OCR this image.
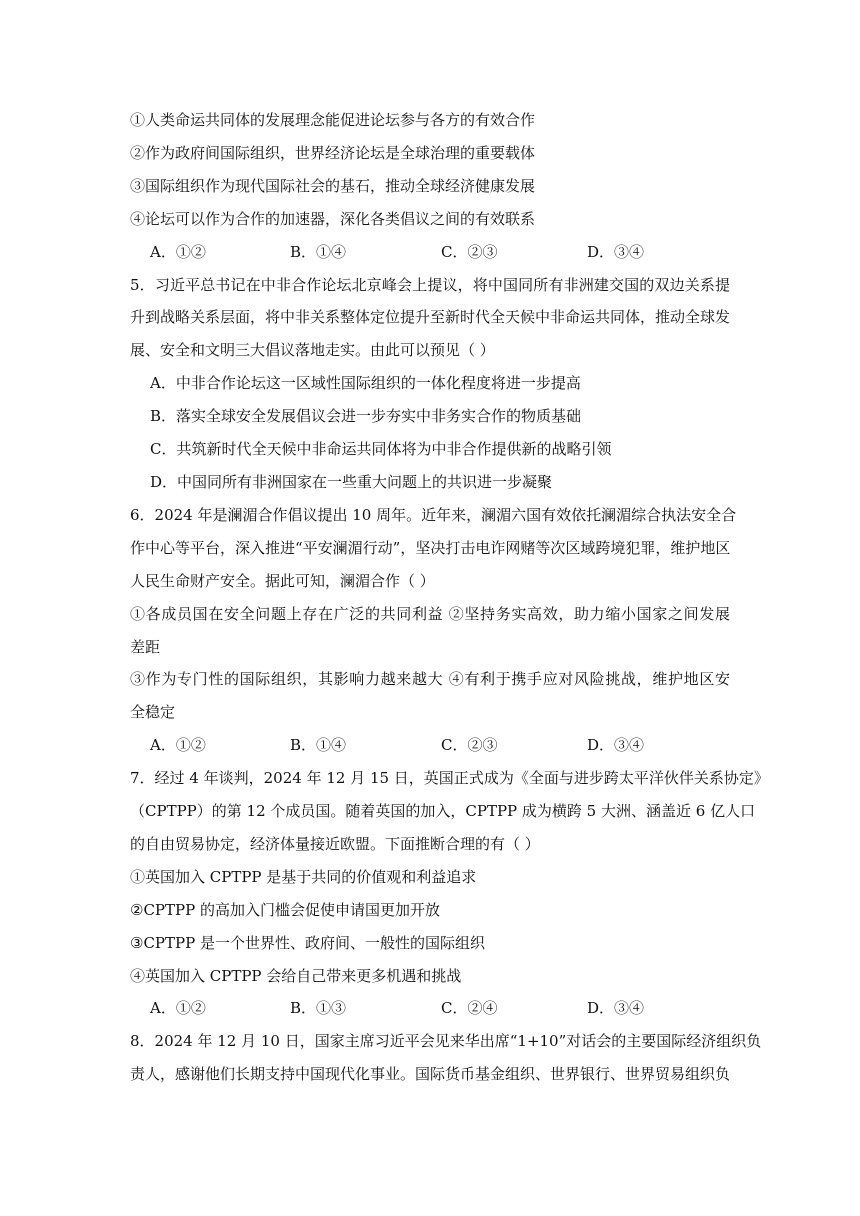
①人类命运共同体的发展理念能促进论坛参与各方的有效合作
②作为政府间国际组织，世界经济论坛是全球治理的重要载体
③国际组织作为现代国际社会的基石，推动全球经济健康发展
④论坛可以作为合作的加速器，深化各类倡议之间的有效联系
A．①②	B．①④	C．②③	D．③④
5．习近平总书记在中非合作论坛北京峰会上提议，将中国同所有非洲建交国的双边关系提
升到战略关系层面，将中非关系整体定位提升至新时代全天候中非命运共同体，推动全球发
展、安全和文明三大倡议落地走实。由此可以预见（ ）
A．中非合作论坛这一区域性国际组织的一体化程度将进一步提高
B．落实全球安全发展倡议会进一步夯实中非务实合作的物质基础
C．共筑新时代全天候中非命运共同体将为中非合作提供新的战略引领
D．中国同所有非洲国家在一些重大问题上的共识进一步凝聚
6．2024 年是澜湄合作倡议提出 10 周年。近年来，澜湄六国有效依托澜湄综合执法安全合
作中心等平台，深入推进“平安澜湄行动”，坚决打击电诈网赌等次区域跨境犯罪，维护地区
人民生命财产安全。据此可知，澜湄合作（ ）
①各成员国在安全问题上存在广泛的共同利益 ②坚持务实高效，助力缩小国家之间发展
差距
③作为专门性的国际组织，其影响力越来越大 ④有利于携手应对风险挑战，维护地区安
全稳定
A．①②	B．①④	C．②③	D．③④
7．经过 4 年谈判，2024 年 12 月 15 日，英国正式成为《全面与进步跨太平洋伙伴关系协定》
（CPTPP）的第 12 个成员国。随着英国的加入，CPTPP 成为横跨 5 大洲、涵盖近 6 亿人口
的自由贸易协定，经济体量接近欧盟。下面推断合理的有（ ）
①英国加入 CPTPP 是基于共同的价值观和利益追求
②CPTPP 的高加入门槛会促使申请国更加开放
③CPTPP 是一个世界性、政府间、一般性的国际组织
④英国加入 CPTPP 会给自己带来更多机遇和挑战
A．①②	B．①③	C．②④	D．③④
8．2024 年 12 月 10 日，国家主席习近平会见来华出席“1+10”对话会的主要国际经济组织负
责人，感谢他们长期支持中国现代化事业。国际货币基金组织、世界银行、世界贸易组织负
